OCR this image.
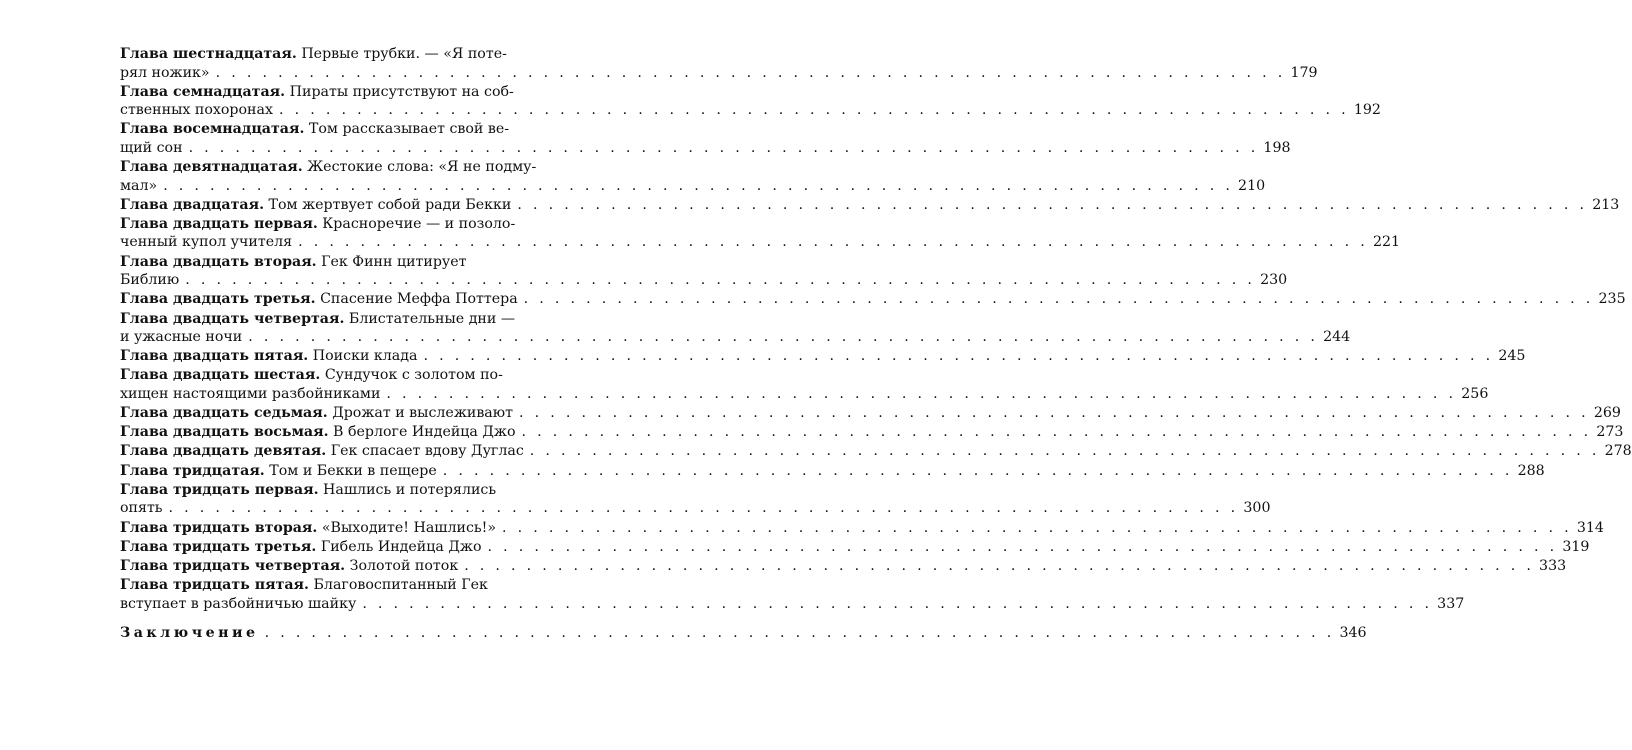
Глава шестнадцатая. Первые трубки. — «Я потe-
рял ножик» . . .	179
Глава семнадцатая. Пираты присутствуют на соб-
ственных похоронах . . .	192
Глава восемнадцатая. Том рассказывает свой ве-
щий сон . . .	198
Глава девятнадцатая. Жестокие слова: «Я не подму-
мал» . . .	210
Глава двадцатая. Том жертвует собой ради Бекки . . .	213
Глава двадцать первая. Красноречие — и позоло-
ченный купол учителя . . .	221
Глава двадцать вторая. Гек Финн цитирует
Библию . . .	230
Глава двадцать третья. Спасение Меффа Поттера . . .	235
Глава двадцать четвертая. Блистательные дни —
и ужасные ночи . . .	244
Глава двадцать пятая. Поиски клада . . .	245
Глава двадцать шестая. Сундучок с золотом по-
хищен настоящими разбойниками . . .	256
Глава двадцать седьмая. Дрожат и выслеживают . . .	269
Глава двадцать восьмая. В берлоге Индейца Джо . . .	273
Глава двадцать девятая. Гек спасает вдову Дуглас . . .	278
Глава тридцатая. Том и Бекки в пещере . . .	288
Глава тридцать первая. Нашлись и потерялись
опять . . .	300
Глава тридцать вторая. «Выходите! Нашлись!» . . .	314
Глава тридцать третья. Гибель Индейца Джо . . .	319
Глава тридцать четвертая. Золотой поток . . .	333
Глава тридцать пятая. Благовоспитанный Гек
вступает в разбойничью шайку . . .	337
Заключение . . .	346
